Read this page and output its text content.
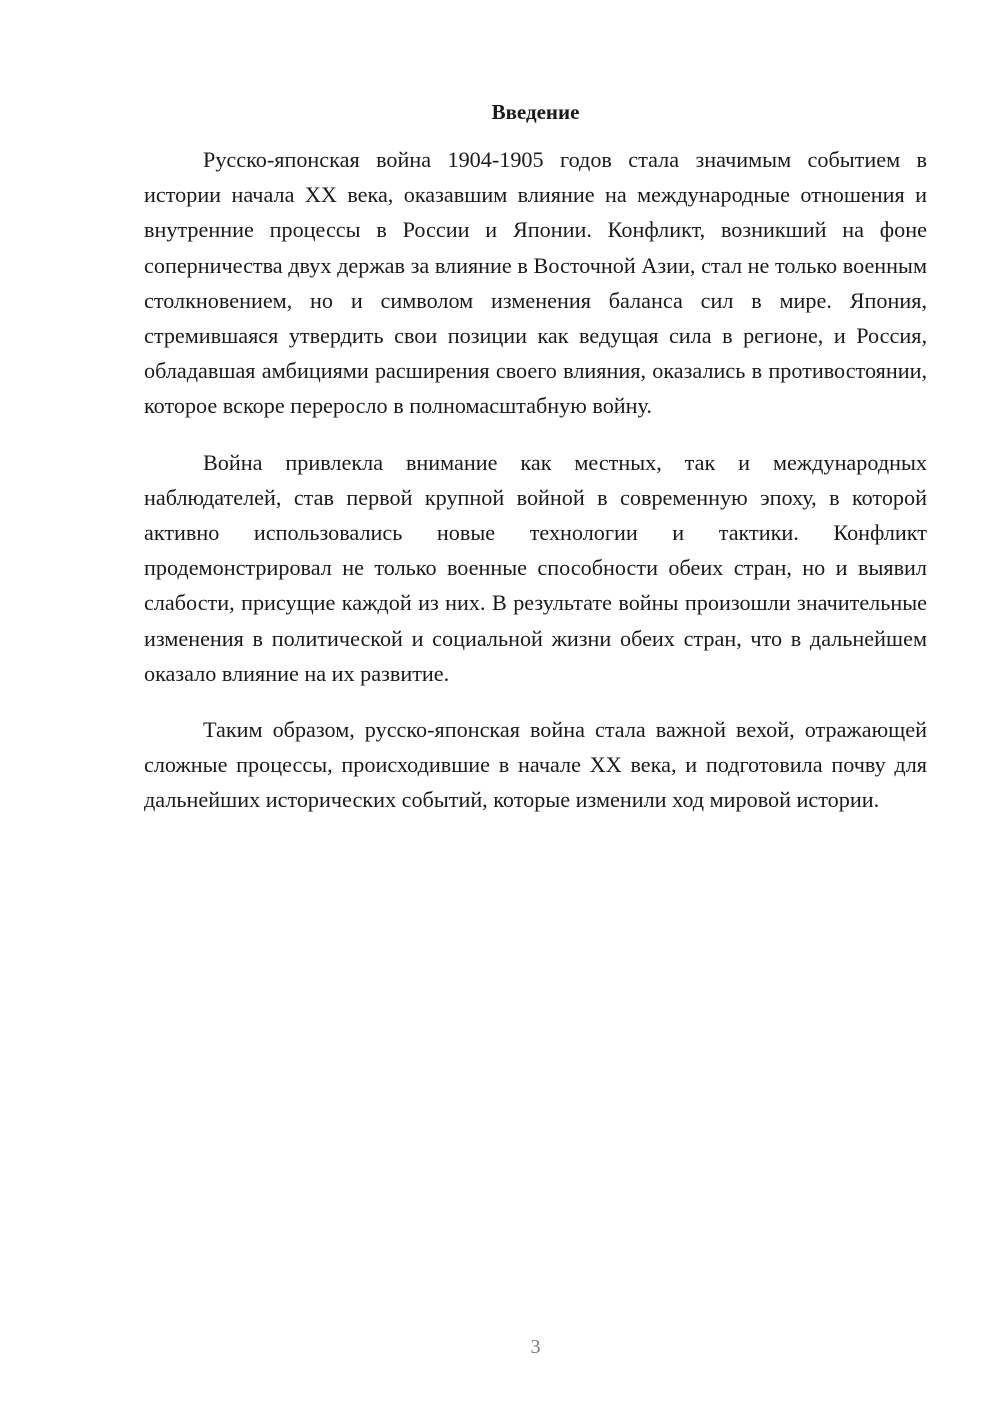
Введение

Русско-японская война 1904-1905 годов стала значимым событием в истории начала XX века, оказавшим влияние на международные отношения и внутренние процессы в России и Японии. Конфликт, возникший на фоне соперничества двух держав за влияние в Восточной Азии, стал не только военным столкновением, но и символом изменения баланса сил в мире. Япония, стремившаяся утвердить свои позиции как ведущая сила в регионе, и Россия, обладавшая амбициями расширения своего влияния, оказались в противостоянии, которое вскоре переросло в полномасштабную войну.

Война привлекла внимание как местных, так и международных наблюдателей, став первой крупной войной в современную эпоху, в которой активно использовались новые технологии и тактики. Конфликт продемонстрировал не только военные способности обеих стран, но и выявил слабости, присущие каждой из них. В результате войны произошли значительные изменения в политической и социальной жизни обеих стран, что в дальнейшем оказало влияние на их развитие.

Таким образом, русско-японская война стала важной вехой, отражающей сложные процессы, происходившие в начале XX века, и подготовила почву для дальнейших исторических событий, которые изменили ход мировой истории.

3
